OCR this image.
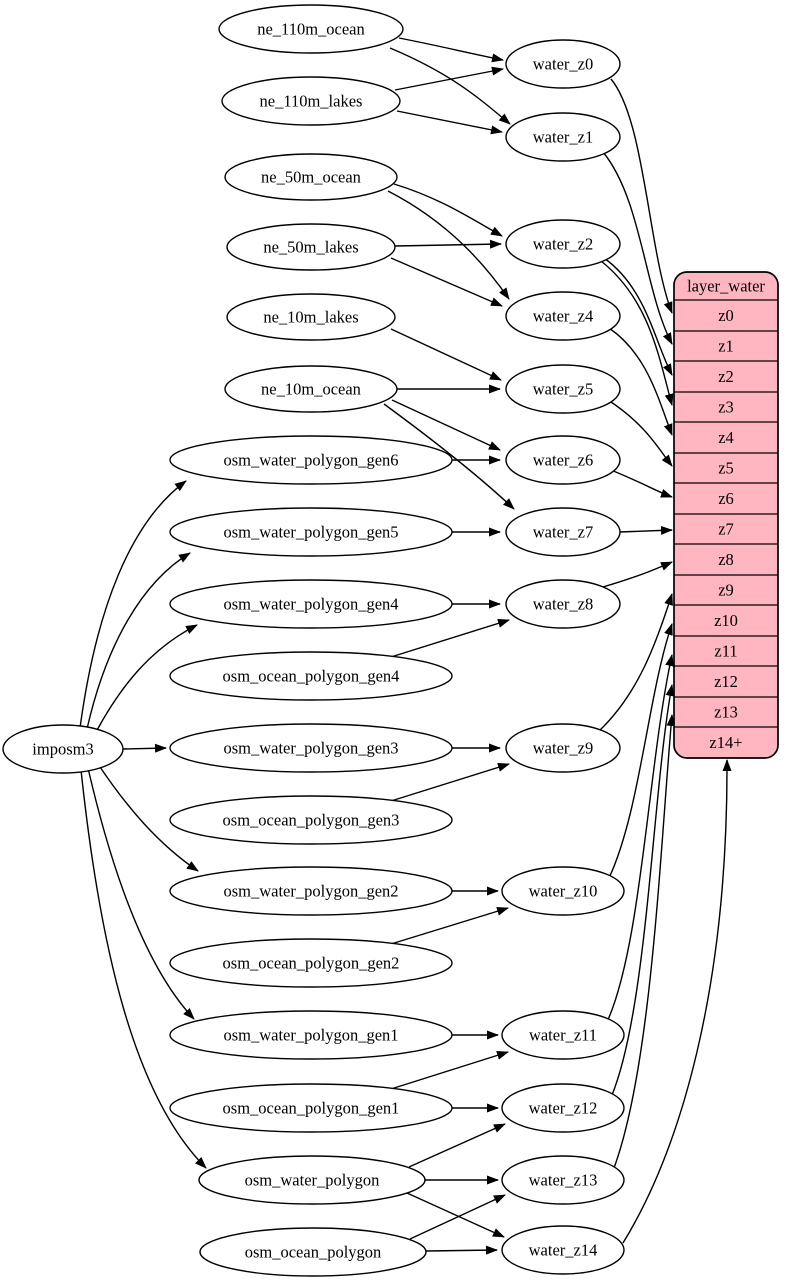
imposm3
ne_110m_ocean
ne_110m_lakes
ne_50m_ocean
ne_50m_lakes
ne_10m_lakes
ne_10m_ocean
osm_water_polygon_gen6
osm_water_polygon_gen5
osm_water_polygon_gen4
osm_ocean_polygon_gen4
osm_water_polygon_gen3
osm_ocean_polygon_gen3
osm_water_polygon_gen2
osm_ocean_polygon_gen2
osm_water_polygon_gen1
osm_ocean_polygon_gen1
osm_water_polygon
osm_ocean_polygon
water_z0
water_z1
water_z2
water_z4
water_z5
water_z6
water_z7
water_z8
water_z9
water_z10
water_z11
water_z12
water_z13
water_z14
layer_water
z0
z1
z2
z3
z4
z5
z6
z7
z8
z9
z10
z11
z12
z13
z14+
